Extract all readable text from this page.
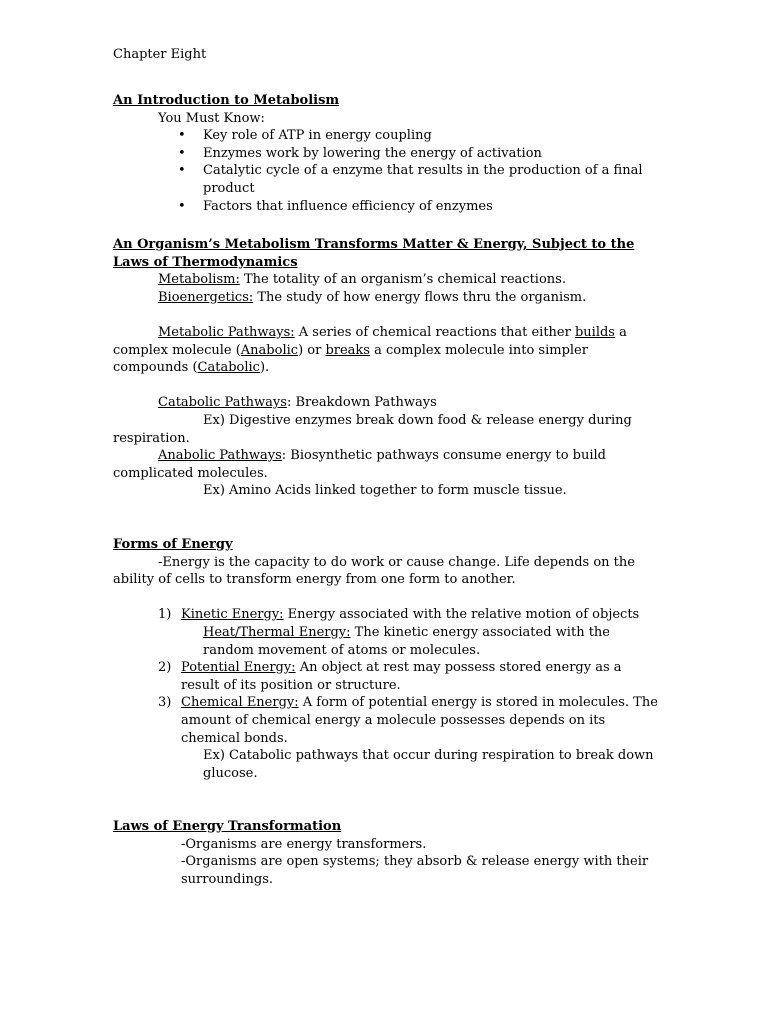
Chapter Eight
An Introduction to Metabolism
You Must Know:
•	Key role of ATP in energy coupling
•	Enzymes work by lowering the energy of activation
•	Catalytic cycle of a enzyme that results in the production of a final product
•	Factors that influence efficiency of enzymes
An Organism’s Metabolism Transforms Matter & Energy, Subject to the Laws of Thermodynamics
Metabolism: The totality of an organism’s chemical reactions.
Bioenergetics: The study of how energy flows thru the organism.
Metabolic Pathways: A series of chemical reactions that either builds a complex molecule (Anabolic) or breaks a complex molecule into simpler compounds (Catabolic).
Catabolic Pathways: Breakdown Pathways
Ex) Digestive enzymes break down food & release energy during
respiration.
Anabolic Pathways: Biosynthetic pathways consume energy to build complicated molecules.
Ex) Amino Acids linked together to form muscle tissue.
Forms of Energy
-Energy is the capacity to do work or cause change. Life depends on the ability of cells to transform energy from one form to another.
1) Kinetic Energy: Energy associated with the relative motion of objects
Heat/Thermal Energy: The kinetic energy associated with the random movement of atoms or molecules.
2) Potential Energy: An object at rest may possess stored energy as a result of its position or structure.
3) Chemical Energy: A form of potential energy is stored in molecules. The amount of chemical energy a molecule possesses depends on its chemical bonds.
Ex) Catabolic pathways that occur during respiration to break down glucose.
Laws of Energy Transformation
-Organisms are energy transformers.
-Organisms are open systems; they absorb & release energy with their surroundings.
